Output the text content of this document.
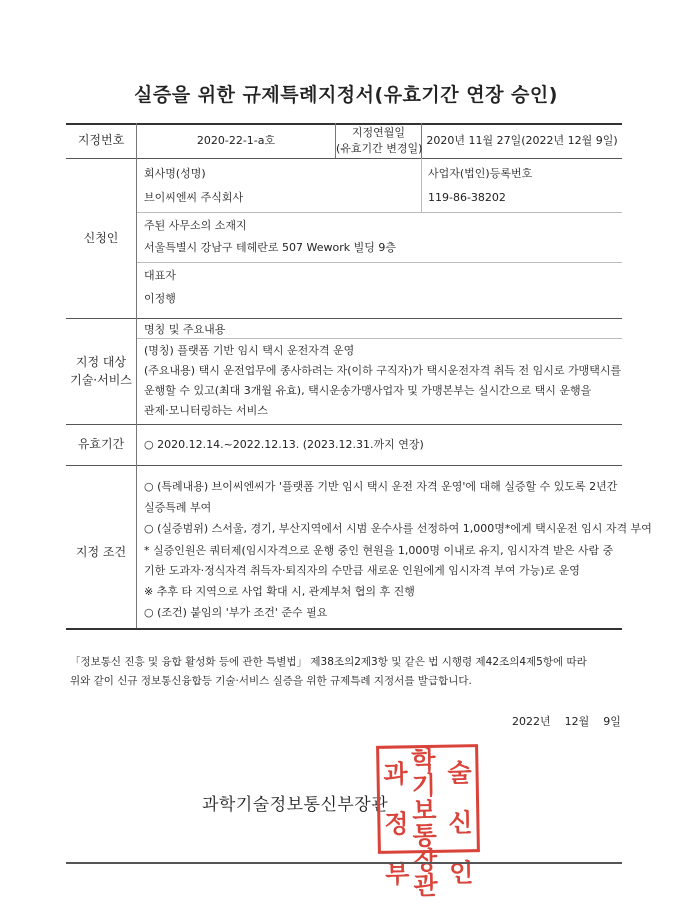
실증을 위한 규제특례지정서(유효기간 연장 승인)
지정번호	2020-22-1-a호
지정연월일
(유효기간 변경일)
2020년 11월 27일(2022년 12월 9일)
신청인
회사명(성명)
브이씨엔씨 주식회사
사업자(법인)등록번호
119-86-38202
주된 사무소의 소재지
서울특별시 강남구 테헤란로 507 Wework 빌딩 9층
대표자
이정행
지정 대상
기술·서비스
명칭 및 주요내용
(명칭) 플랫폼 기반 임시 택시 운전자격 운영
(주요내용) 택시 운전업무에 종사하려는 자(이하 구직자)가 택시운전자격 취득 전 임시로 가맹택시를
운행할 수 있고(최대 3개월 유효), 택시운송가맹사업자 및 가맹본부는 실시간으로 택시 운행을
관제·모니터링하는 서비스
유효기간	○ 2020.12.14.~2022.12.13. (2023.12.31.까지 연장)
지정 조건
○ (특례내용) 브이씨엔씨가 '플랫폼 기반 임시 택시 운전 자격 운영'에 대해 실증할 수 있도록 2년간
실증특례 부여
○ (실증범위) 스서울, 경기, 부산지역에서 시범 운수사를 선정하여 1,000명*에게 택시운전 임시 자격 부여
* 실증인원은 쿼터제(임시자격으로 운행 중인 현원을 1,000명 이내로 유지, 임시자격 받은 사람 중
기한 도과자·정식자격 취득자·퇴직자의 수만큼 새로운 인원에게 임시자격 부여 가능)로 운영
※ 추후 타 지역으로 사업 확대 시, 관계부처 협의 후 진행
○ (조건) 붙임의 '부가 조건' 준수 필요
「정보통신 진흥 및 융합 활성화 등에 관한 특별법」 제38조의2제3항 및 같은 법 시행령 제42조의4제5항에 따라
위와 같이 신규 정보통신융합등 기술·서비스 실증을 위한 규제특례 지정서를 발급합니다.
2022년    12월    9일
과학기술정보통신부장관
과 학기 술
정 보통 신
부 장관 인
